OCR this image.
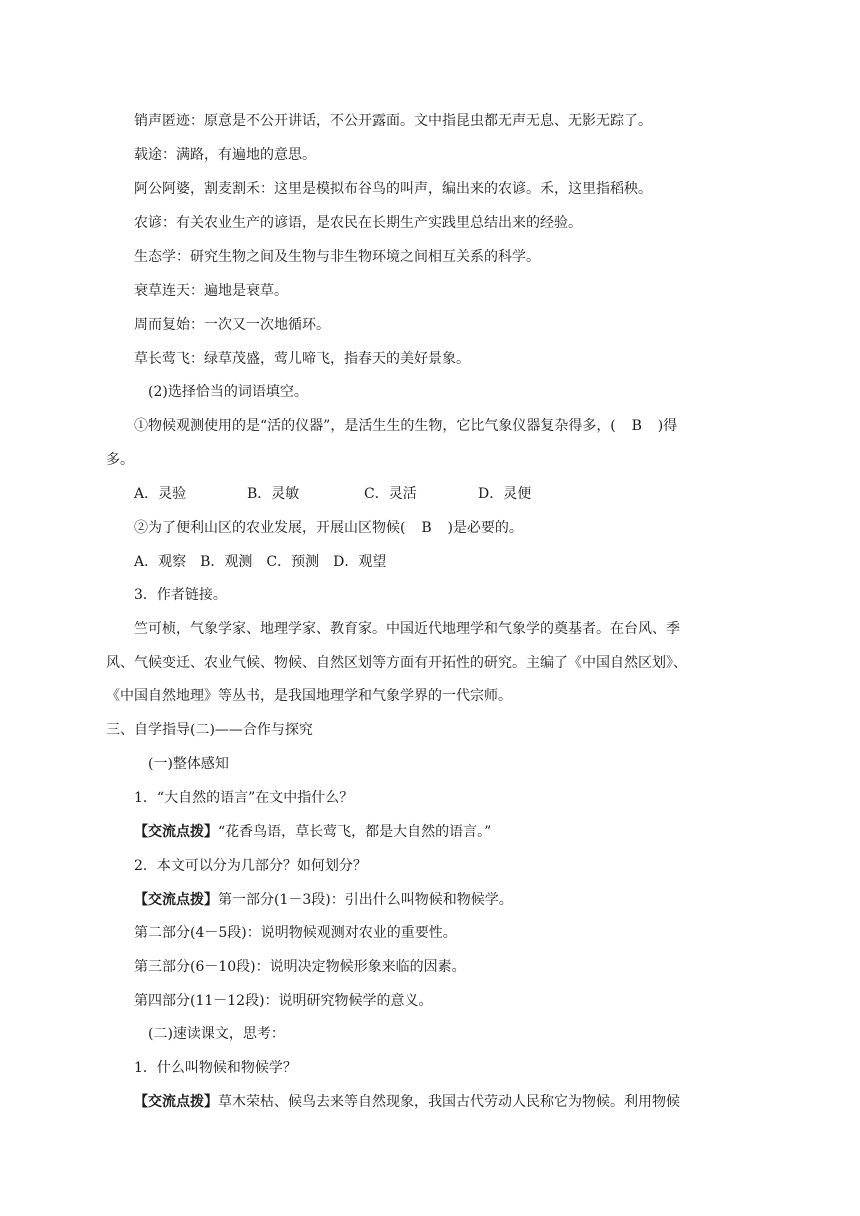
销声匿迹：原意是不公开讲话，不公开露面。文中指昆虫都无声无息、无影无踪了。
载途：满路，有遍地的意思。
阿公阿婆，割麦割禾：这里是模拟布谷鸟的叫声，编出来的农谚。禾，这里指稻秧。
农谚：有关农业生产的谚语，是农民在长期生产实践里总结出来的经验。
生态学：研究生物之间及生物与非生物环境之间相互关系的科学。
衰草连天：遍地是衰草。
周而复始：一次又一次地循环。
草长莺飞：绿草茂盛，莺儿啼飞，指春天的美好景象。
(2)选择恰当的词语填空。
①物候观测使用的是“活的仪器”，是活生生的生物，它比气象仪器复杂得多，( B )得
多。
A．灵验	B．灵敏	C．灵活	D．灵便
②为了便利山区的农业发展，开展山区物候( B )是必要的。
A．观察　B．观测　C．预测　D．观望
3．作者链接。
竺可桢，气象学家、地理学家、教育家。中国近代地理学和气象学的奠基者。在台风、季
风、气候变迁、农业气候、物候、自然区划等方面有开拓性的研究。主编了《中国自然区划》、
《中国自然地理》等丛书，是我国地理学和气象学界的一代宗师。
三、自学指导(二)——合作与探究
(一)整体感知
1．“大自然的语言”在文中指什么？
【交流点拨】“花香鸟语，草长莺飞，都是大自然的语言。”
2．本文可以分为几部分？如何划分？
【交流点拨】第一部分(1－3段)：引出什么叫物候和物候学。
第二部分(4－5段)：说明物候观测对农业的重要性。
第三部分(6－10段)：说明决定物候形象来临的因素。
第四部分(11－12段)：说明研究物候学的意义。
(二)速读课文，思考：
1．什么叫物候和物候学？
【交流点拨】草木荣枯、候鸟去来等自然现象，我国古代劳动人民称它为物候。利用物候
